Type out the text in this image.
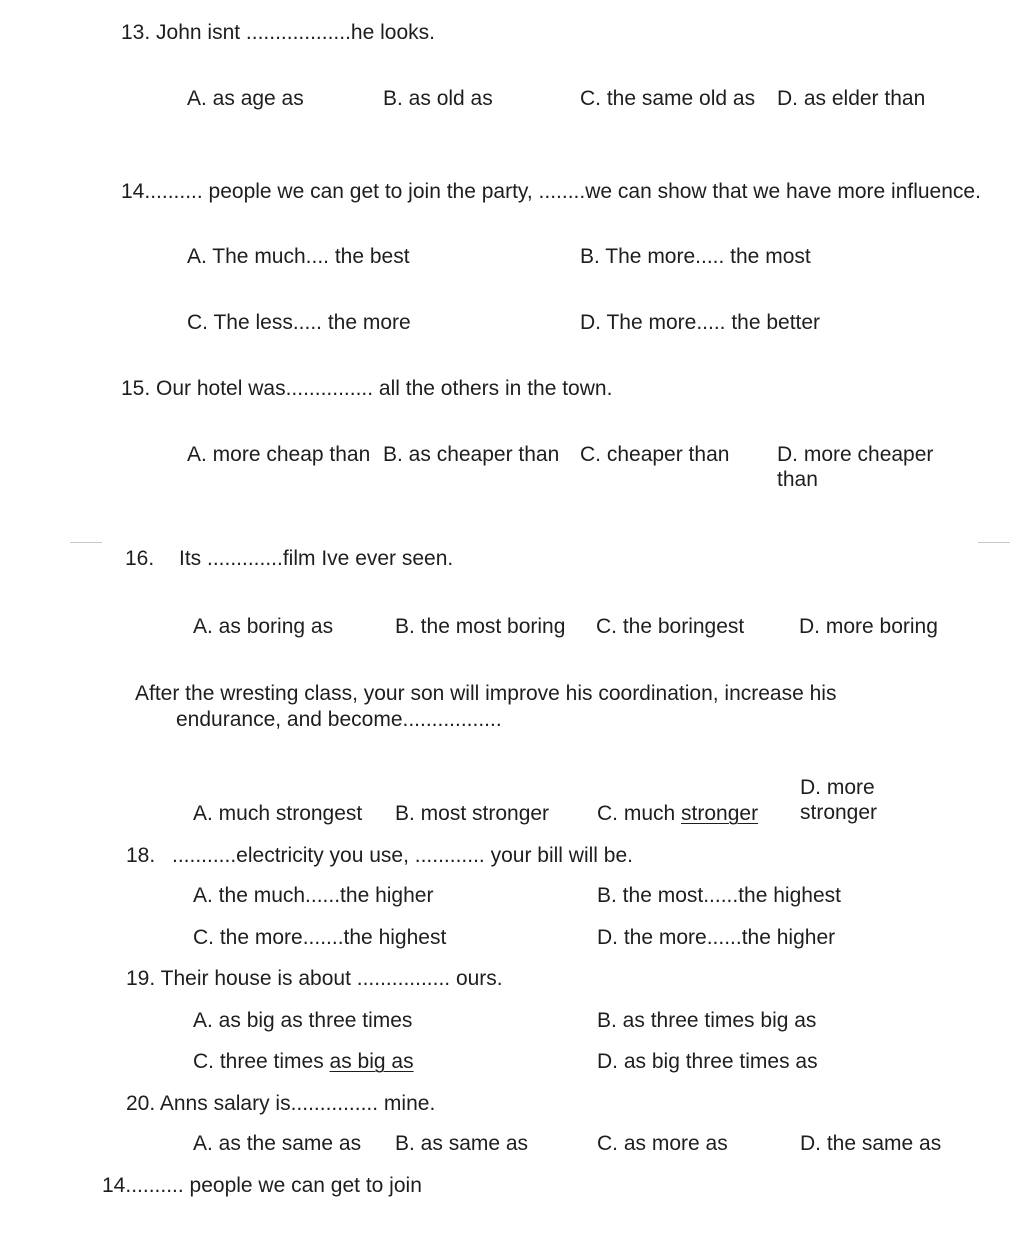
13. John isnt ..................he looks.
A. as age as	B. as old as	C. the same old as D. as elder than
14.......... people we can get to join the party, ........we can show that we have more influence.
A. The much.... the best	B. The more..... the most
C. The less..... the more	D. The more..... the better
15. Our hotel was............... all the others in the town.
A. more cheap than B. as cheaper than C. cheaper than D. more cheaper than
16. Its .............film Ive ever seen.
A. as boring as	B. the most boring C. the boringest	D. more boring
After the wresting class, your son will improve his coordination, increase his
endurance, and become.................
A. much strongest B. most stronger C. much stronger
D. more stronger
18. ...........electricity you use, ............ your bill will be.
A. the much......the higher	B. the most......the highest
C. the more.......the highest	D. the more......the higher
19. Their house is about ................ ours.
A. as big as three times	B. as three times big as
C. three times as big as	D. as big three times as
20. Anns salary is............... mine.
A. as the same as B. as same as	C. as more as	D. the same as
14.......... people we can get to join
